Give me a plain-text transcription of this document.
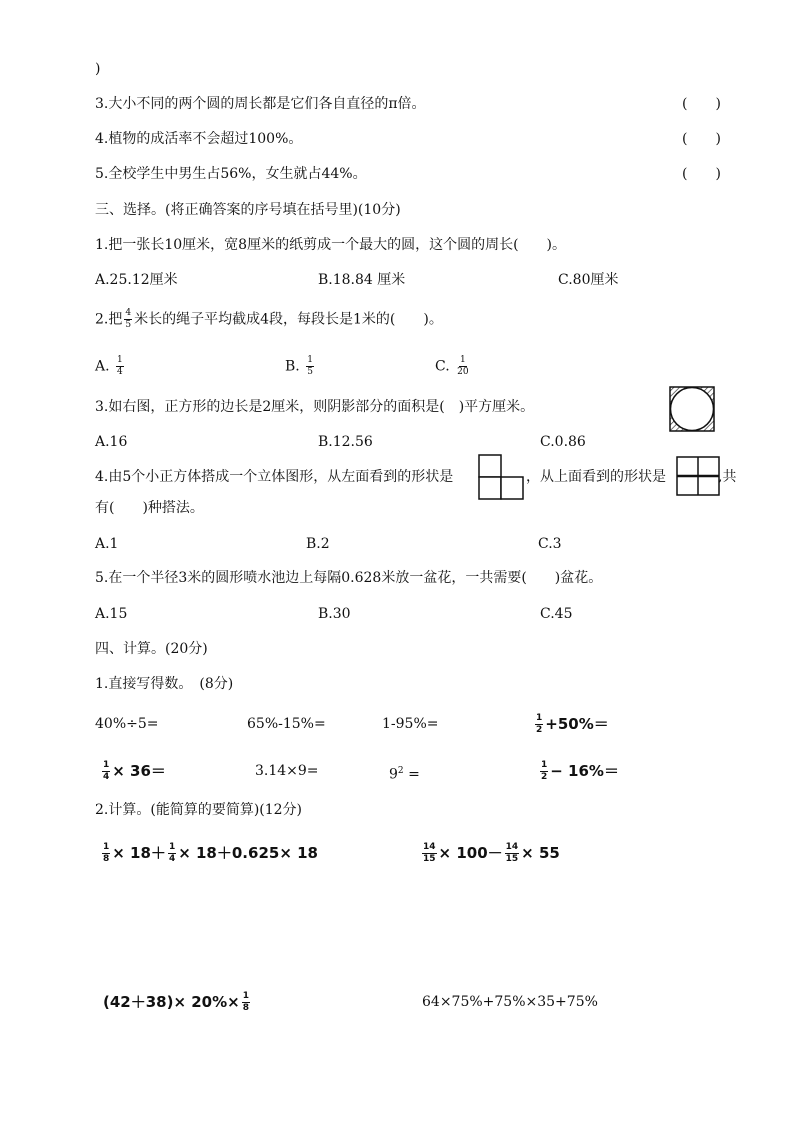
)
3.大小不同的两个圆的周长都是它们各自直径的π倍。	(　　)
4.植物的成活率不会超过100%。	(　　)
5.全校学生中男生占56%，女生就占44%。	(　　)
三、选择。(将正确答案的序号填在括号里)(10分)
1.把一张长10厘米，宽8厘米的纸剪成一个最大的圆，这个圆的周长(　　)。
A.25.12厘米	B.18.84 厘米	C.80厘米
2.把 $\frac{4}{5}$ 米长的绳子平均截成4段，每段长是1米的(　　)。
A. $\frac{1}{4}$	B. $\frac{1}{5}$	C. $\frac{1}{20}$
3.如右图，正方形的边长是2厘米，则阴影部分的面积是(　)平方厘米。
A.16	B.12.56	C.0.86
4.由5个小正方体搭成一个立体图形，从左面看到的形状是	，从上面看到的形状是	,共
有(　　)种搭法。
A.1	B.2	C.3
5.在一个半径3米的圆形喷水池边上每隔0.628米放一盆花，一共需要(　　)盆花。
A.15	B.30	C.45
四、计算。(20分)
1.直接写得数。　(8分)
40%÷5=	65%-15%=	1-95%=	$\frac{1}{2} +50\%=$
$\frac{1}{4} \times 36=$	3.14×9=	$9^2$ =	$\frac{1}{2} - 16\%=$
2.计算。(能简算的要简算)(12分)
$\frac{1}{8} \times 18+ \frac{1}{4} \times 18+0.625\times 18$	$\frac{14}{15} \times 100- \frac{14}{15} \times 55$
$(42+38)\times 20\%\times \frac{1}{8}$	64×75%+75%×35+75%
